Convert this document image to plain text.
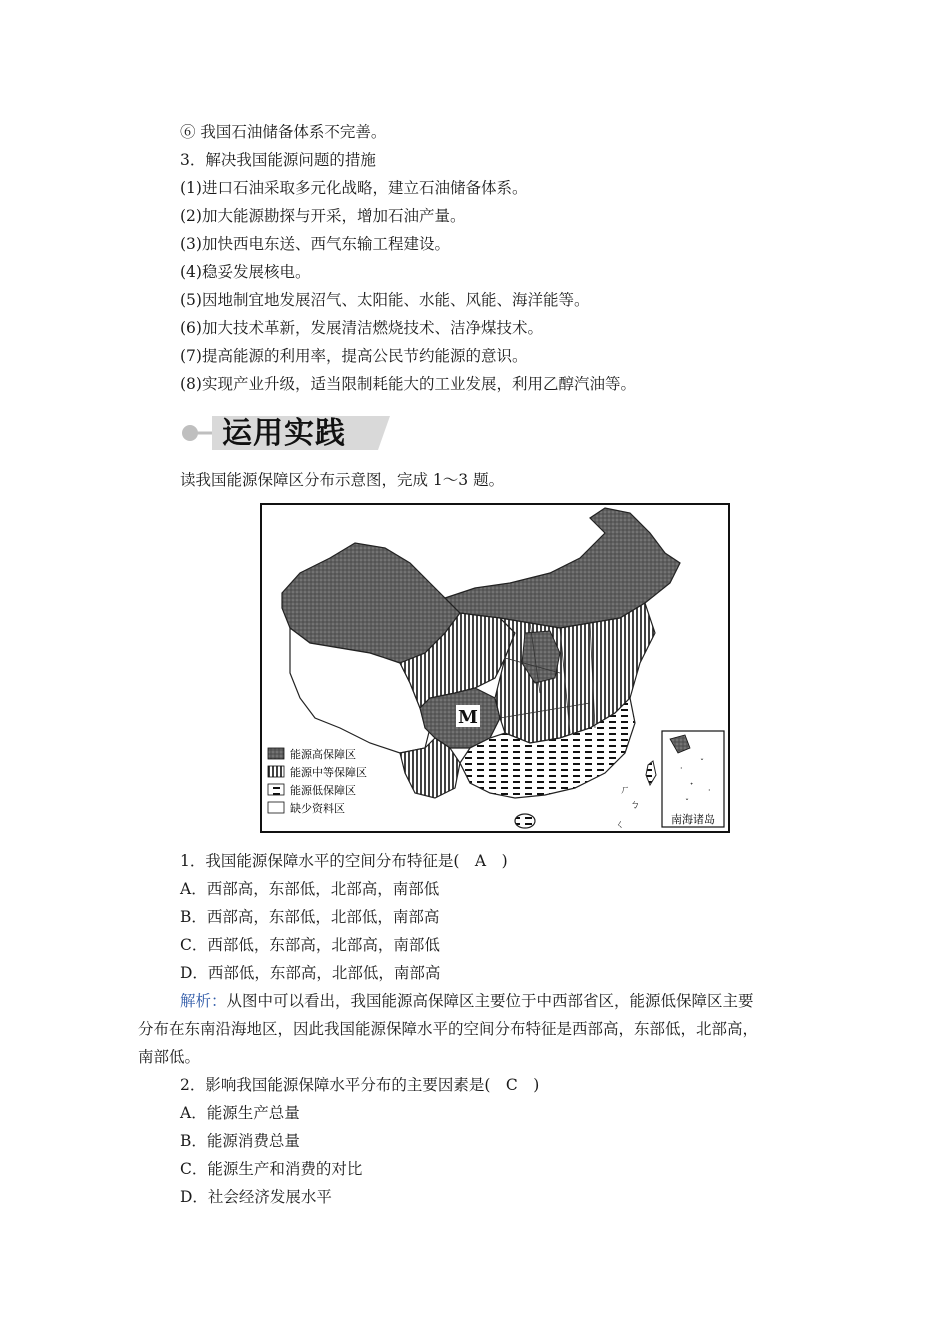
⑥ 我国石油储备体系不完善。
3．解决我国能源问题的措施
(1)进口石油采取多元化战略，建立石油储备体系。
(2)加大能源勘探与开采，增加石油产量。
(3)加快西电东送、西气东输工程建设。
(4)稳妥发展核电。
(5)因地制宜地发展沼气、太阳能、水能、风能、海洋能等。
(6)加大技术革新，发展清洁燃烧技术、洁净煤技术。
(7)提高能源的利用率，提高公民节约能源的意识。
(8)实现产业升级，适当限制耗能大的工业发展，利用乙醇汽油等。
运用实践
读我国能源保障区分布示意图，完成 1～3 题。
M
能源高保障区
能源中等保障区
能源低保障区
缺少资料区
ㄏ
ㄅ
ㄑ
·
ˇ
ᐩ
·
ˇ
南海诸岛
1．我国能源保障水平的空间分布特征是(　A　)
A．西部高，东部低，北部高，南部低
B．西部高，东部低，北部低，南部高
C．西部低，东部高，北部高，南部低
D．西部低，东部高，北部低，南部高
解析：从图中可以看出，我国能源高保障区主要位于中西部省区，能源低保障区主要
分布在东南沿海地区，因此我国能源保障水平的空间分布特征是西部高，东部低，北部高，
南部低。
2．影响我国能源保障水平分布的主要因素是(　C　)
A．能源生产总量
B．能源消费总量
C．能源生产和消费的对比
D．社会经济发展水平
